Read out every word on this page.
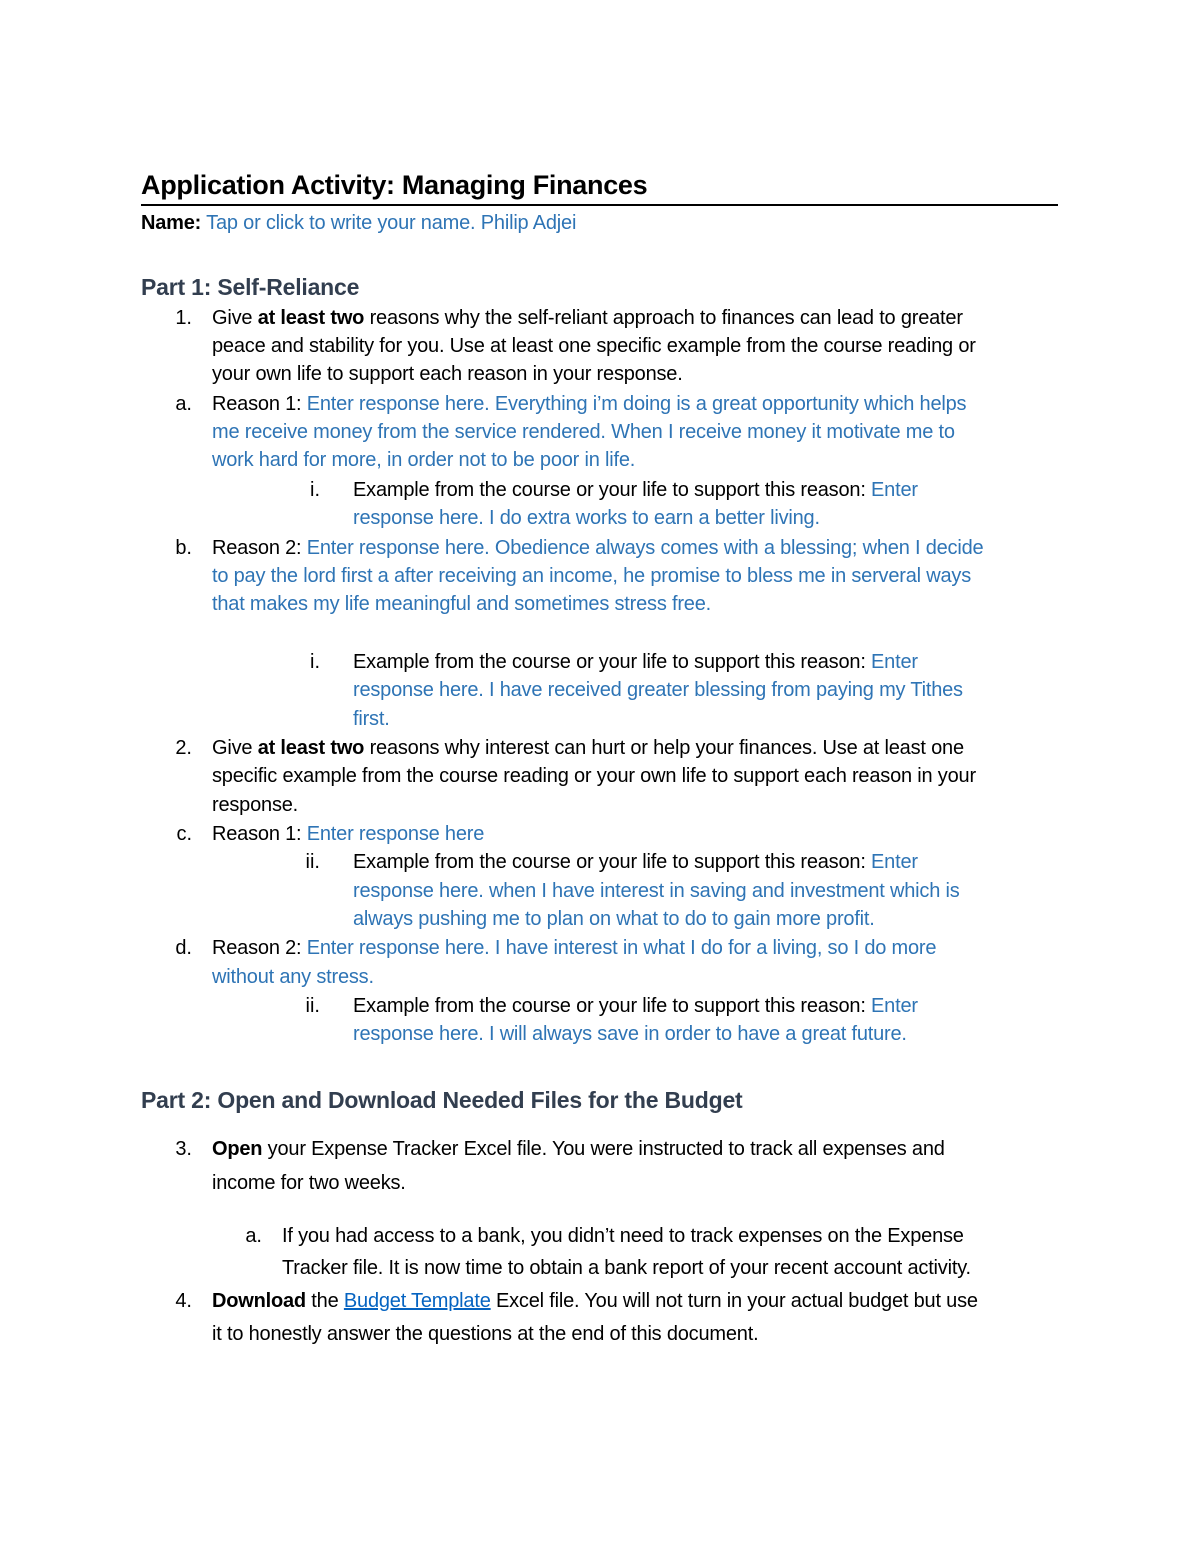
Application Activity: Managing Finances
Name: Tap or click to write your name. Philip Adjei
Part 1: Self-Reliance
1. Give at least two reasons why the self-reliant approach to finances can lead to greater
peace and stability for you. Use at least one specific example from the course reading or
your own life to support each reason in your response.
a. Reason 1: Enter response here. Everything i’m doing is a great opportunity which helps
me receive money from the service rendered. When I receive money it motivate me to
work hard for more, in order not to be poor in life.
i. Example from the course or your life to support this reason: Enter
response here. I do extra works to earn a better living.
b. Reason 2: Enter response here. Obedience always comes with a blessing; when I decide
to pay the lord first a after receiving an income, he promise to bless me in serveral ways
that makes my life meaningful and sometimes stress free.
i. Example from the course or your life to support this reason: Enter
response here. I have received greater blessing from paying my Tithes
first.
2. Give at least two reasons why interest can hurt or help your finances. Use at least one
specific example from the course reading or your own life to support each reason in your
response.
c. Reason 1: Enter response here
ii. Example from the course or your life to support this reason: Enter
response here. when I have interest in saving and investment which is
always pushing me to plan on what to do to gain more profit.
d. Reason 2: Enter response here. I have interest in what I do for a living, so I do more
without any stress.
ii. Example from the course or your life to support this reason: Enter
response here. I will always save in order to have a great future.
Part 2: Open and Download Needed Files for the Budget
3. Open your Expense Tracker Excel file. You were instructed to track all expenses and
income for two weeks.
a. If you had access to a bank, you didn’t need to track expenses on the Expense
Tracker file. It is now time to obtain a bank report of your recent account activity.
4. Download the Budget Template Excel file. You will not turn in your actual budget but use
it to honestly answer the questions at the end of this document.
